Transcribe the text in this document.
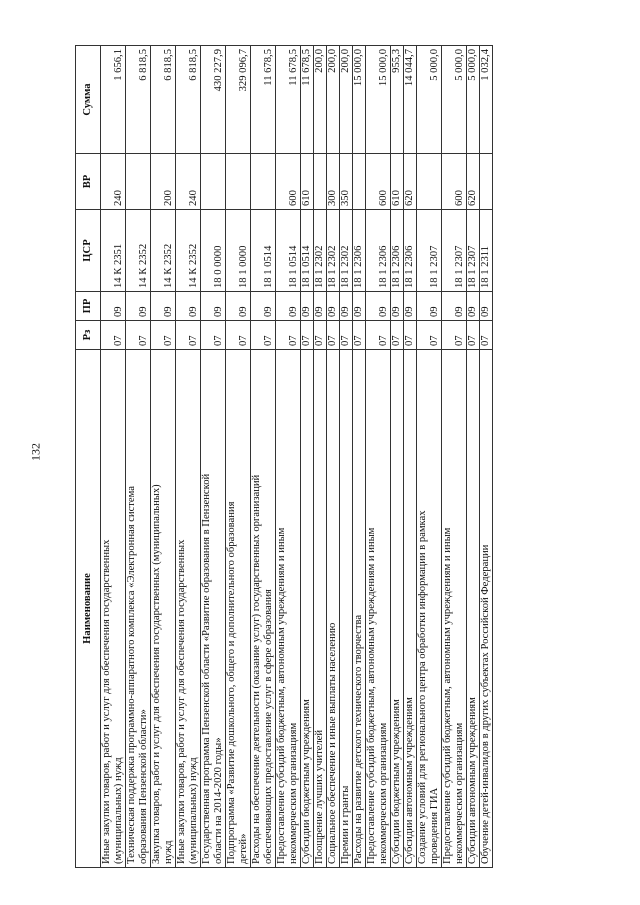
132
Наименование	Рз	ПР	ЦСР	ВР	Сумма

Иные закупки товаров, работ и услуг для обеспечения государственных (муниципальных) нужд	07	09	14 К 2351	240	1 656,1

Техническая поддержка программно-аппаратного комплекса «Электронная система образования Пензенской области»	07	09	14 К 2352		6 818,5

Закупка товаров, работ и услуг для обеспечения государственных (муниципальных) нужд	07	09	14 К 2352	200	6 818,5

Иные закупки товаров, работ и услуг для обеспечения государственных (муниципальных) нужд	07	09	14 К 2352	240	6 818,5

Государственная программа Пензенской области «Развитие образования в Пензенской области на 2014-2020 годы»	07	09	18 0 0000		430 227,9

Подпрограмма «Развитие дошкольного, общего и дополнительного образования детей»	07	09	18 1 0000		329 096,7

Расходы на обеспечение деятельности (оказание услуг) государственных организаций обеспечивающих предоставление услуг в сфере образования	07	09	18 1 0514		11 678,5

Предоставление субсидий бюджетным, автономным учреждениям и иным некоммерческим организациям	07	09	18 1 0514	600	11 678,5

Субсидии бюджетным учреждениям	07	09	18 1 0514	610	11 678,5

Поощрение лучших учителей	07	09	18 1 2302		200,0

Социальное обеспечение и иные выплаты населению	07	09	18 1 2302	300	200,0

Премии и гранты	07	09	18 1 2302	350	200,0

Расходы на развитие детского технического творчества	07	09	18 1 2306		15 000,0

Предоставление субсидий бюджетным, автономным учреждениям и иным некоммерческим организациям	07	09	18 1 2306	600	15 000,0

Субсидии бюджетным учреждениям	07	09	18 1 2306	610	955,3

Субсидии автономным учреждениям	07	09	18 1 2306	620	14 044,7

Создание условий для регионального центра обработки информации в рамках проведения ГИА	07	09	18 1 2307		5 000,0

Предоставление субсидий бюджетным, автономным учреждениям и иным некоммерческим организациям	07	09	18 1 2307	600	5 000,0

Субсидии автономным учреждениям	07	09	18 1 2307	620	5 000,0

Обучение детей-инвалидов в других субъектах Российской Федерации	07	09	18 1 2311		1 032,4
